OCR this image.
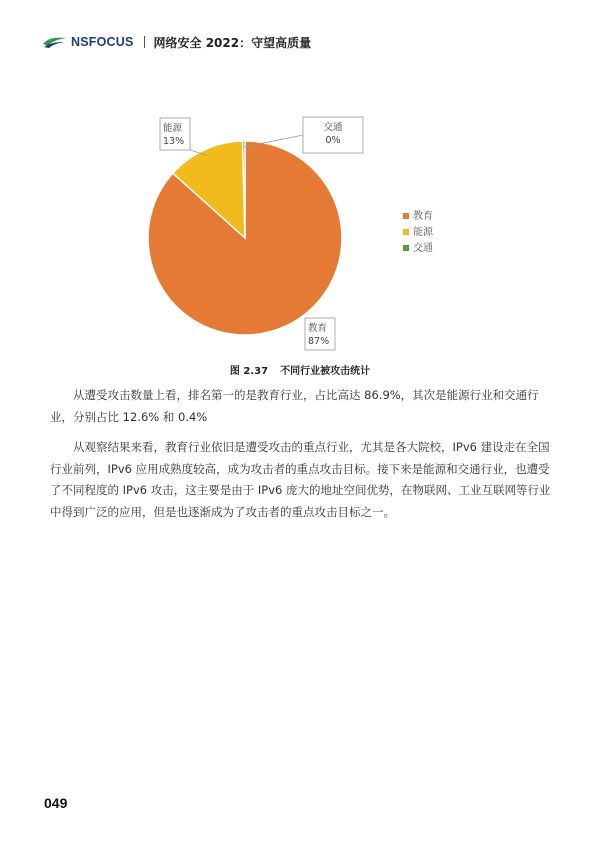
NSFOCUS 网络安全 2022：守望高质量
教育
87%
能源
13%
交通
0%
教育
能源
交通
图 2.37 不同行业被攻击统计

从遭受攻击数量上看，排名第一的是教育行业，占比高达 86.9%，其次是能源行业和交通行业，分别占比 12.6% 和 0.4%

从观察结果来看，教育行业依旧是遭受攻击的重点行业，尤其是各大院校，IPv6 建设走在全国行业前列，IPv6 应用成熟度较高，成为攻击者的重点攻击目标。接下来是能源和交通行业，也遭受了不同程度的 IPv6 攻击，这主要是由于 IPv6 庞大的地址空间优势，在物联网、工业互联网等行业中得到广泛的应用，但是也逐渐成为了攻击者的重点攻击目标之一。

049
